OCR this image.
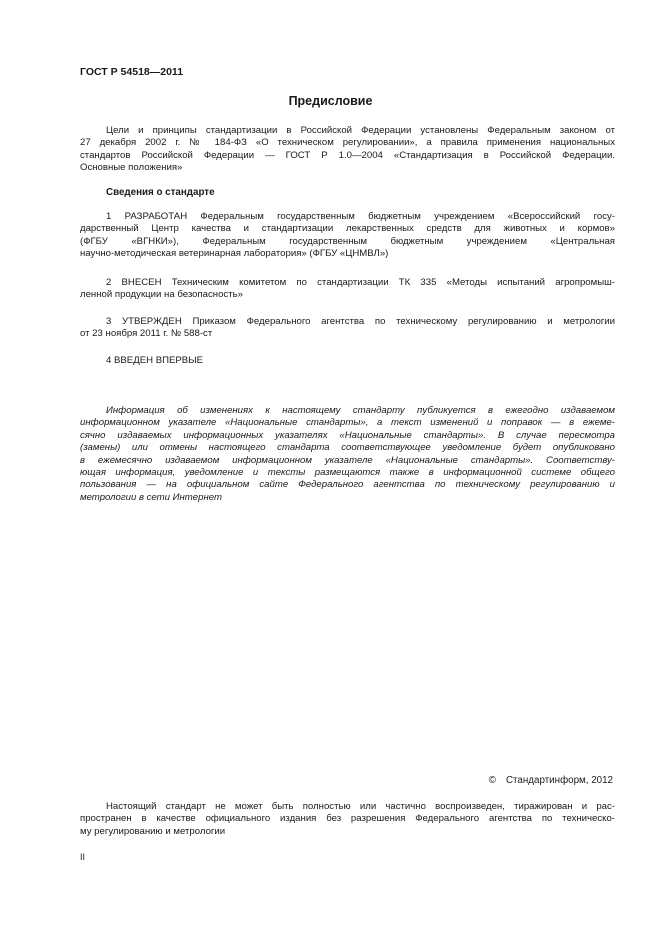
ГОСТ Р 54518—2011
Предисловие
Цели и принципы стандартизации в Российской Федерации установлены Федеральным законом от
27 декабря 2002 г. № 184-ФЗ «О техническом регулировании», а правила применения национальных
стандартов Российской Федерации — ГОСТ Р 1.0—2004 «Стандартизация в Российской Федерации.
Основные положения»
Сведения о стандарте
1 РАЗРАБОТАН Федеральным государственным бюджетным учреждением «Всероссийский госу-
дарственный Центр качества и стандартизации лекарственных средств для животных и кормов»
(ФГБУ «ВГНКИ»), Федеральным государственным бюджетным учреждением «Центральная
научно-методическая ветеринарная лаборатория» (ФГБУ «ЦНМВЛ»)
2 ВНЕСЕН Техническим комитетом по стандартизации ТК 335 «Методы испытаний агропромыш-
ленной продукции на безопасность»
3 УТВЕРЖДЕН Приказом Федерального агентства по техническому регулированию и метрологии
от 23 ноября 2011 г. № 588-ст
4 ВВЕДЕН ВПЕРВЫЕ
Информация об изменениях к настоящему стандарту публикуется в ежегодно издаваемом
информационном указателе «Национальные стандарты», а текст изменений и поправок — в ежеме-
сячно издаваемых информационных указателях «Национальные стандарты». В случае пересмотра
(замены) или отмены настоящего стандарта соответствующее уведомление будет опубликовано
в ежемесячно издаваемом информационном указателе «Национальные стандарты». Соответству-
ющая информация, уведомление и тексты размещаются также в информационной системе общего
пользования — на официальном сайте Федерального агентства по техническому регулированию и
метрологии в сети Интернет
© Стандартинформ, 2012
Настоящий стандарт не может быть полностью или частично воспроизведен, тиражирован и рас-
пространен в качестве официального издания без разрешения Федерального агентства по техническо-
му регулированию и метрологии
II
